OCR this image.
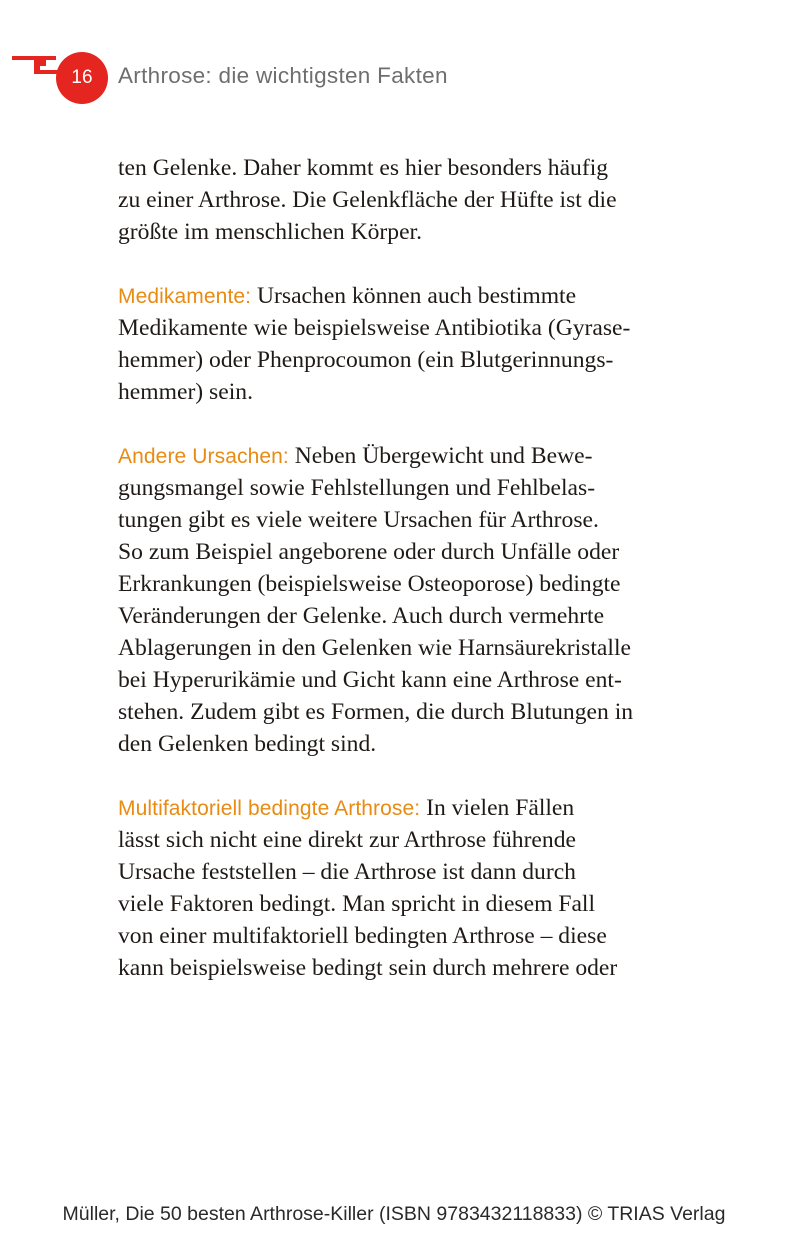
16 Arthrose: die wichtigsten Fakten
ten Gelenke. Daher kommt es hier besonders häufig
zu einer Arthrose. Die Gelenkfläche der Hüfte ist die
größte im menschlichen Körper.
Medikamente: Ursachen können auch bestimmte
Medikamente wie beispielsweise Antibiotika (Gyrase-
hemmer) oder Phenprocoumon (ein Blutgerinnungs-
hemmer) sein.
Andere Ursachen: Neben Übergewicht und Bewe-
gungsmangel sowie Fehlstellungen und Fehlbelas-
tungen gibt es viele weitere Ursachen für Arthrose.
So zum Beispiel angeborene oder durch Unfälle oder
Erkrankungen (beispielsweise Osteoporose) bedingte
Veränderungen der Gelenke. Auch durch vermehrte
Ablagerungen in den Gelenken wie Harnsäurekristalle
bei Hyperurikämie und Gicht kann eine Arthrose ent-
stehen. Zudem gibt es Formen, die durch Blutungen in
den Gelenken bedingt sind.
Multifaktoriell bedingte Arthrose: In vielen Fällen
lässt sich nicht eine direkt zur Arthrose führende
Ursache feststellen – die Arthrose ist dann durch
viele Faktoren bedingt. Man spricht in diesem Fall
von einer multifaktoriell bedingten Arthrose – diese
kann beispielsweise bedingt sein durch mehrere oder
Müller, Die 50 besten Arthrose-Killer (ISBN 9783432118833) © TRIAS Verlag
